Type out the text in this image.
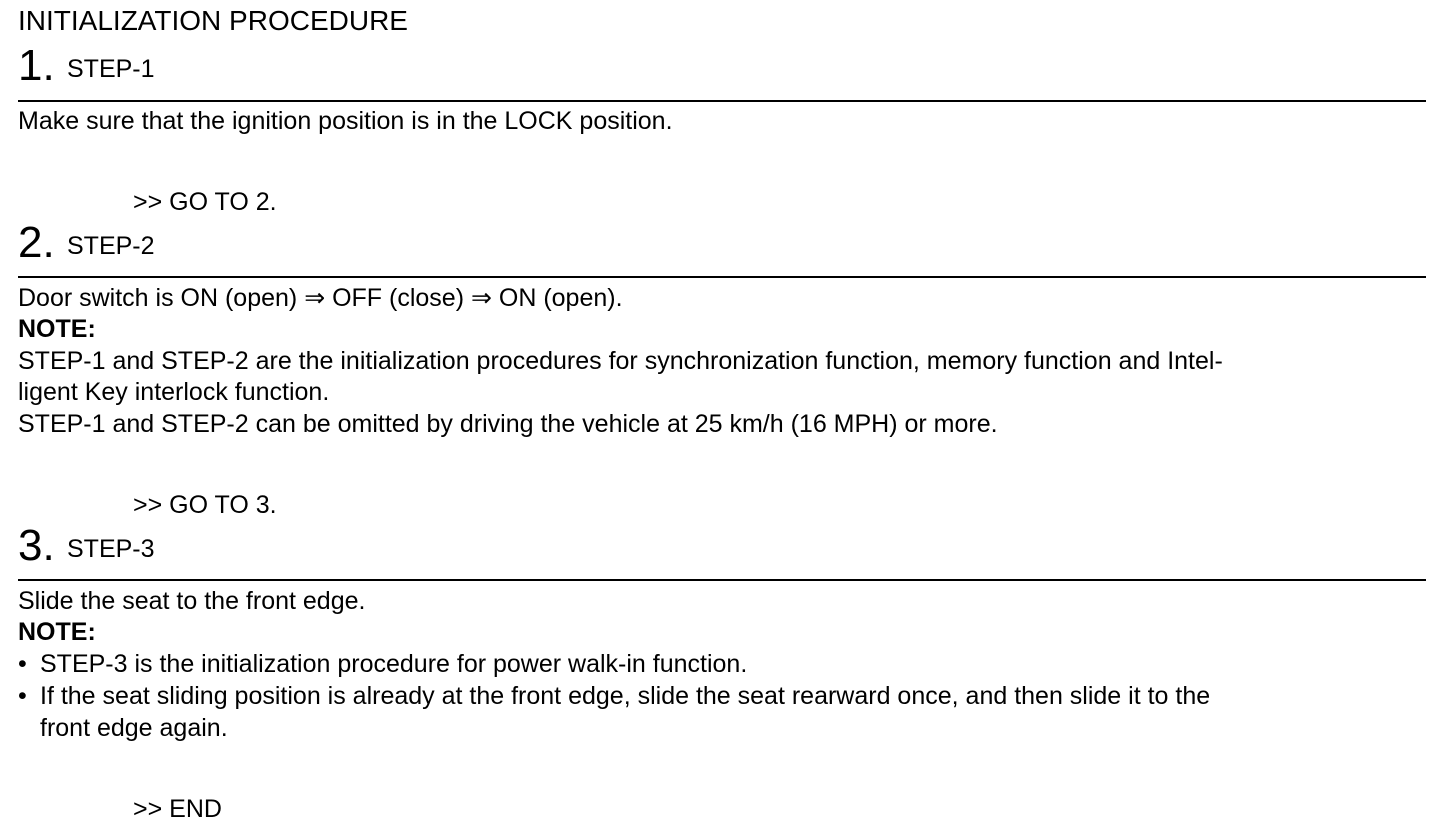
INITIALIZATION PROCEDURE
1. STEP-1
Make sure that the ignition position is in the LOCK position.
>> GO TO 2.
2. STEP-2
Door switch is ON (open) ⇒ OFF (close) ⇒ ON (open).
NOTE:
STEP-1 and STEP-2 are the initialization procedures for synchronization function, memory function and Intel-
ligent Key interlock function.
STEP-1 and STEP-2 can be omitted by driving the vehicle at 25 km/h (16 MPH) or more.
>> GO TO 3.
3. STEP-3
Slide the seat to the front edge.
NOTE:
• STEP-3 is the initialization procedure for power walk-in function.
• If the seat sliding position is already at the front edge, slide the seat rearward once, and then slide it to the
front edge again.
>> END
